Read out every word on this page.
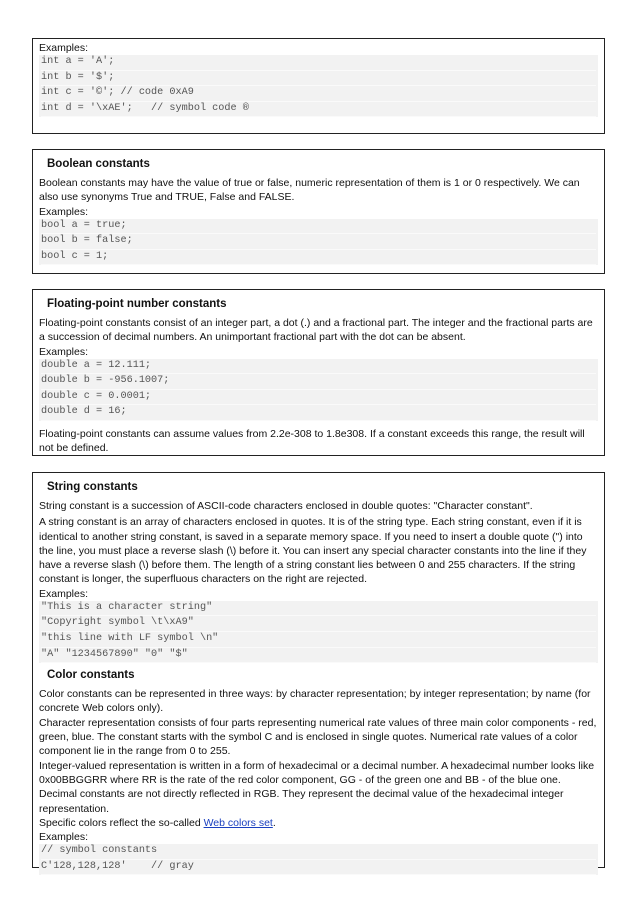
Examples:

int a = 'A';
int b = '$';
int c = '©'; // code 0xA9
int d = '\xAE';   // symbol code ®
Boolean constants

Boolean constants may have the value of true or false, numeric representation of them is 1 or 0 respectively. We can also use synonyms True and TRUE, False and FALSE.

Examples:

bool a = true;
bool b = false;
bool c = 1;
Floating-point number constants

Floating-point constants consist of an integer part, a dot (.) and a fractional part. The integer and the fractional parts are a succession of decimal numbers. An unimportant fractional part with the dot can be absent.

Examples:

double a = 12.111;
double b = -956.1007;
double c = 0.0001;
double d = 16;

Floating-point constants can assume values from 2.2e-308 to 1.8e308. If a constant exceeds this range, the result will not be defined.

String constants

String constant is a succession of ASCII-code characters enclosed in double quotes: "Character constant".

A string constant is an array of characters enclosed in quotes. It is of the string type. Each string constant, even if it is identical to another string constant, is saved in a separate memory space. If you need to insert a double quote (") into the line, you must place a reverse slash (\) before it. You can insert any special character constants into the line if they have a reverse slash (\) before them. The length of a string constant lies between 0 and 255 characters. If the string constant is longer, the superfluous characters on the right are rejected.

Examples:

"This is a character string"
"Copyright symbol \t\xA9"
"this line with LF symbol \n"
"A" "1234567890" "0" "$"
Color constants

Color constants can be represented in three ways: by character representation; by integer representation; by name (for concrete Web colors only).

Character representation consists of four parts representing numerical rate values of three main color components - red, green, blue. The constant starts with the symbol C and is enclosed in single quotes. Numerical rate values of a color component lie in the range from 0 to 255.

Integer-valued representation is written in a form of hexadecimal or a decimal number. A hexadecimal number looks like 0x00BBGGRR where RR is the rate of the red color component, GG - of the green one and BB - of the blue one. Decimal constants are not directly reflected in RGB. They represent the decimal value of the hexadecimal integer representation.

Specific colors reflect the so-called Web colors set.

Examples:

// symbol constants
C'128,128,128'    // gray
